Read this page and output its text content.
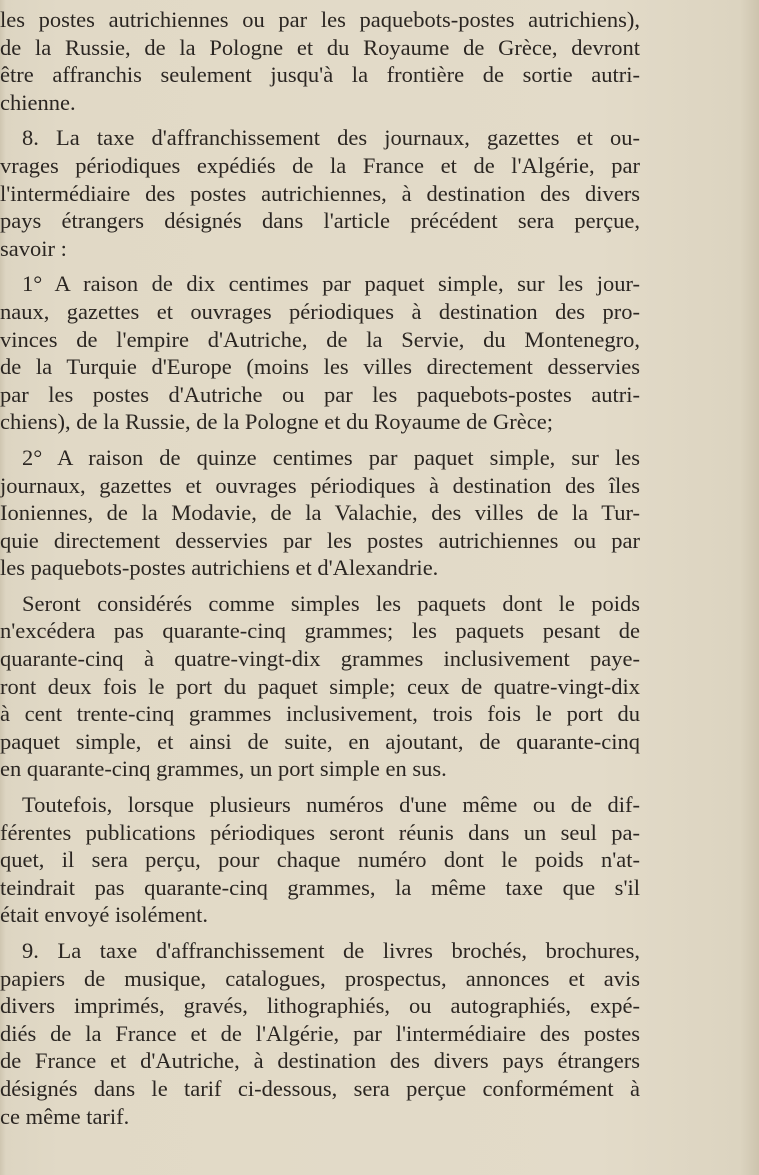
les postes autrichiennes ou par les paquebots-postes autrichiens),
de la Russie, de la Pologne et du Royaume de Grèce, devront
être affranchis seulement jusqu'à la frontière de sortie autri-
chienne.
8. La taxe d'affranchissement des journaux, gazettes et ou-
vrages périodiques expédiés de la France et de l'Algérie, par
l'intermédiaire des postes autrichiennes, à destination des divers
pays étrangers désignés dans l'article précédent sera perçue,
savoir :
1° A raison de dix centimes par paquet simple, sur les jour-
naux, gazettes et ouvrages périodiques à destination des pro-
vinces de l'empire d'Autriche, de la Servie, du Montenegro,
de la Turquie d'Europe (moins les villes directement desservies
par les postes d'Autriche ou par les paquebots-postes autri-
chiens), de la Russie, de la Pologne et du Royaume de Grèce;
2° A raison de quinze centimes par paquet simple, sur les
journaux, gazettes et ouvrages périodiques à destination des îles
Ioniennes, de la Modavie, de la Valachie, des villes de la Tur-
quie directement desservies par les postes autrichiennes ou par
les paquebots-postes autrichiens et d'Alexandrie.
Seront considérés comme simples les paquets dont le poids
n'excédera pas quarante-cinq grammes; les paquets pesant de
quarante-cinq à quatre-vingt-dix grammes inclusivement paye-
ront deux fois le port du paquet simple; ceux de quatre-vingt-dix
à cent trente-cinq grammes inclusivement, trois fois le port du
paquet simple, et ainsi de suite, en ajoutant, de quarante-cinq
en quarante-cinq grammes, un port simple en sus.
Toutefois, lorsque plusieurs numéros d'une même ou de dif-
férentes publications périodiques seront réunis dans un seul pa-
quet, il sera perçu, pour chaque numéro dont le poids n'at-
teindrait pas quarante-cinq grammes, la même taxe que s'il
était envoyé isolément.
9. La taxe d'affranchissement de livres brochés, brochures,
papiers de musique, catalogues, prospectus, annonces et avis
divers imprimés, gravés, lithographiés, ou autographiés, expé-
diés de la France et de l'Algérie, par l'intermédiaire des postes
de France et d'Autriche, à destination des divers pays étrangers
désignés dans le tarif ci-dessous, sera perçue conformément à
ce même tarif.
